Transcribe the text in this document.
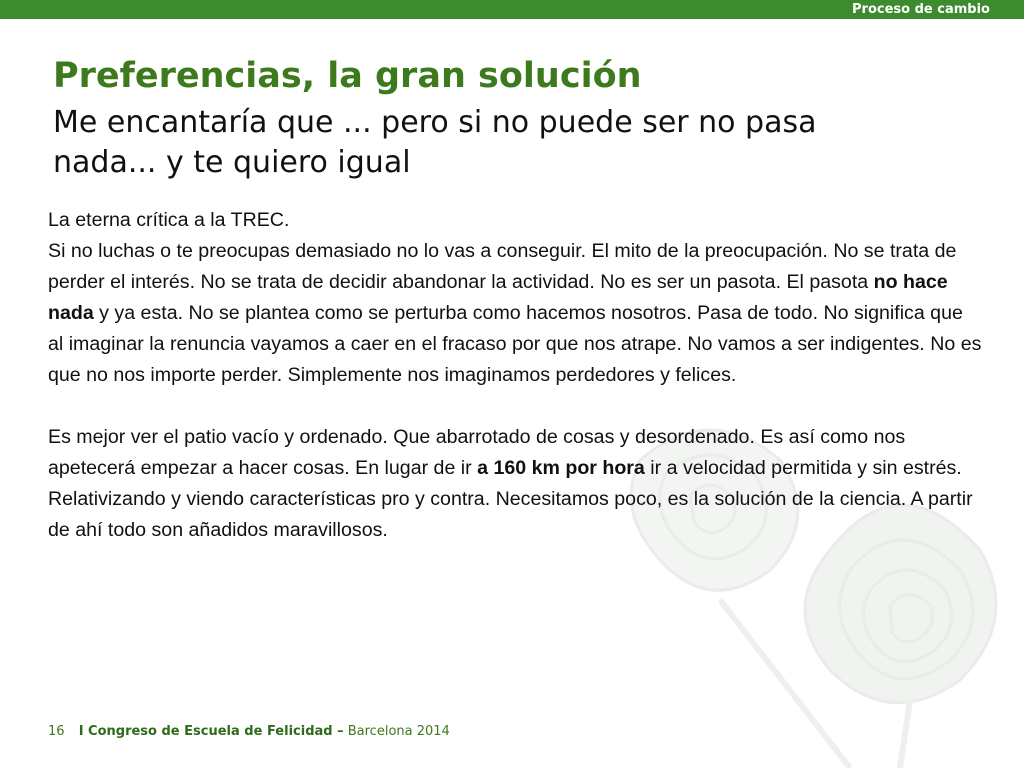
Proceso de cambio
Preferencias, la gran solución
Me encantaría que ... pero si no puede ser no pasa nada... y te quiero igual

La eterna crítica a la TREC.
Si no luchas o te preocupas demasiado no lo vas a conseguir. El mito de la preocupación. No se trata de perder el interés. No se trata de decidir abandonar la actividad. No es ser un pasota. El pasota no hace nada y ya esta. No se plantea como se perturba como hacemos nosotros. Pasa de todo. No significa que al imaginar la renuncia vayamos a caer en el fracaso por que nos atrape. No vamos a ser indigentes. No es que no nos importe perder. Simplemente nos imaginamos perdedores y felices.

Es mejor ver el patio vacío y ordenado. Que abarrotado de cosas y desordenado. Es así como nos apetecerá empezar a hacer cosas. En lugar de ir a 160 km por hora ir a velocidad permitida y sin estrés. Relativizando y viendo características pro y contra. Necesitamos poco, es la solución de la ciencia. A partir de ahí todo son añadidos maravillosos.

16 I Congreso de Escuela de Felicidad – Barcelona 2014
